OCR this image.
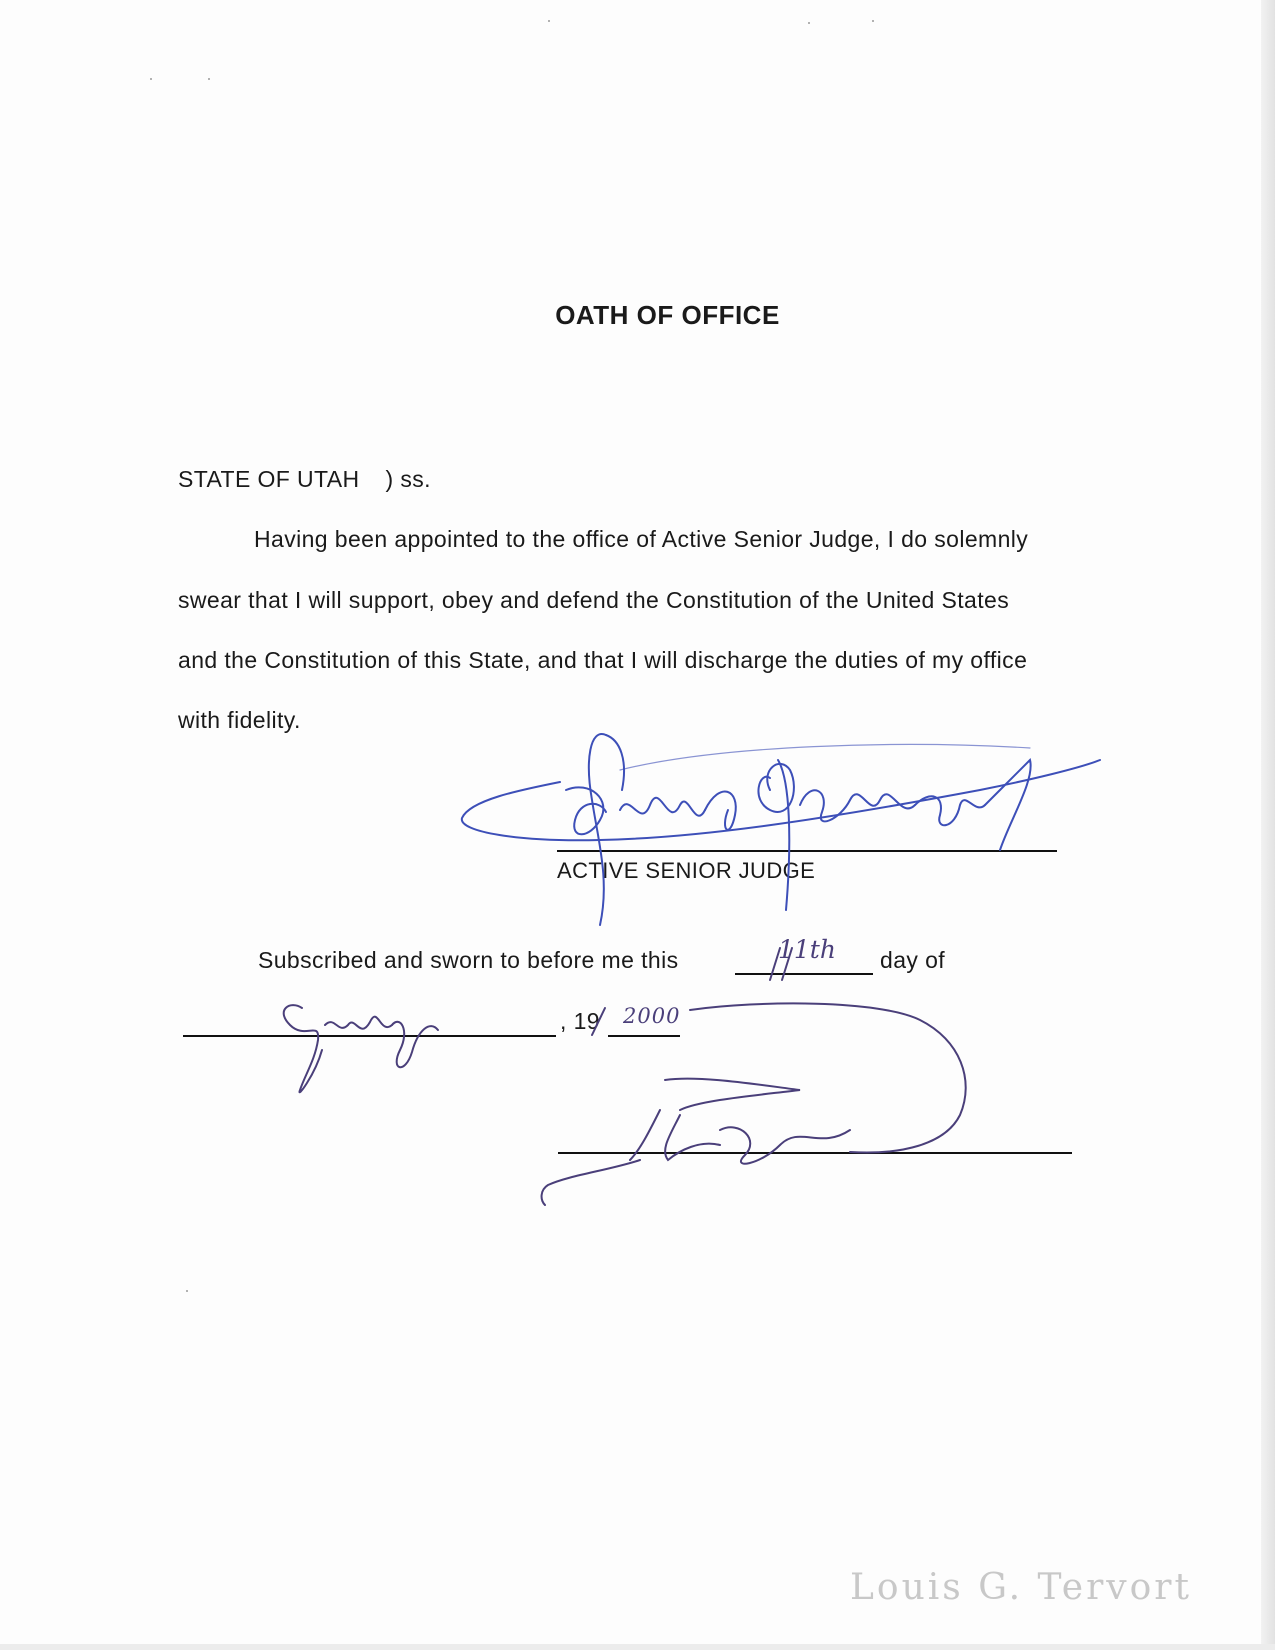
OATH OF OFFICE
STATE OF UTAH ) ss.
Having been appointed to the office of Active Senior Judge, I do solemnly
swear that I will support, obey and defend the Constitution of the United States
and the Constitution of this State, and that I will discharge the duties of my office
with fidelity.
ACTIVE SENIOR JUDGE
Subscribed and sworn to before me this	11th day of
, 19 2000
Louis G. Tervort
